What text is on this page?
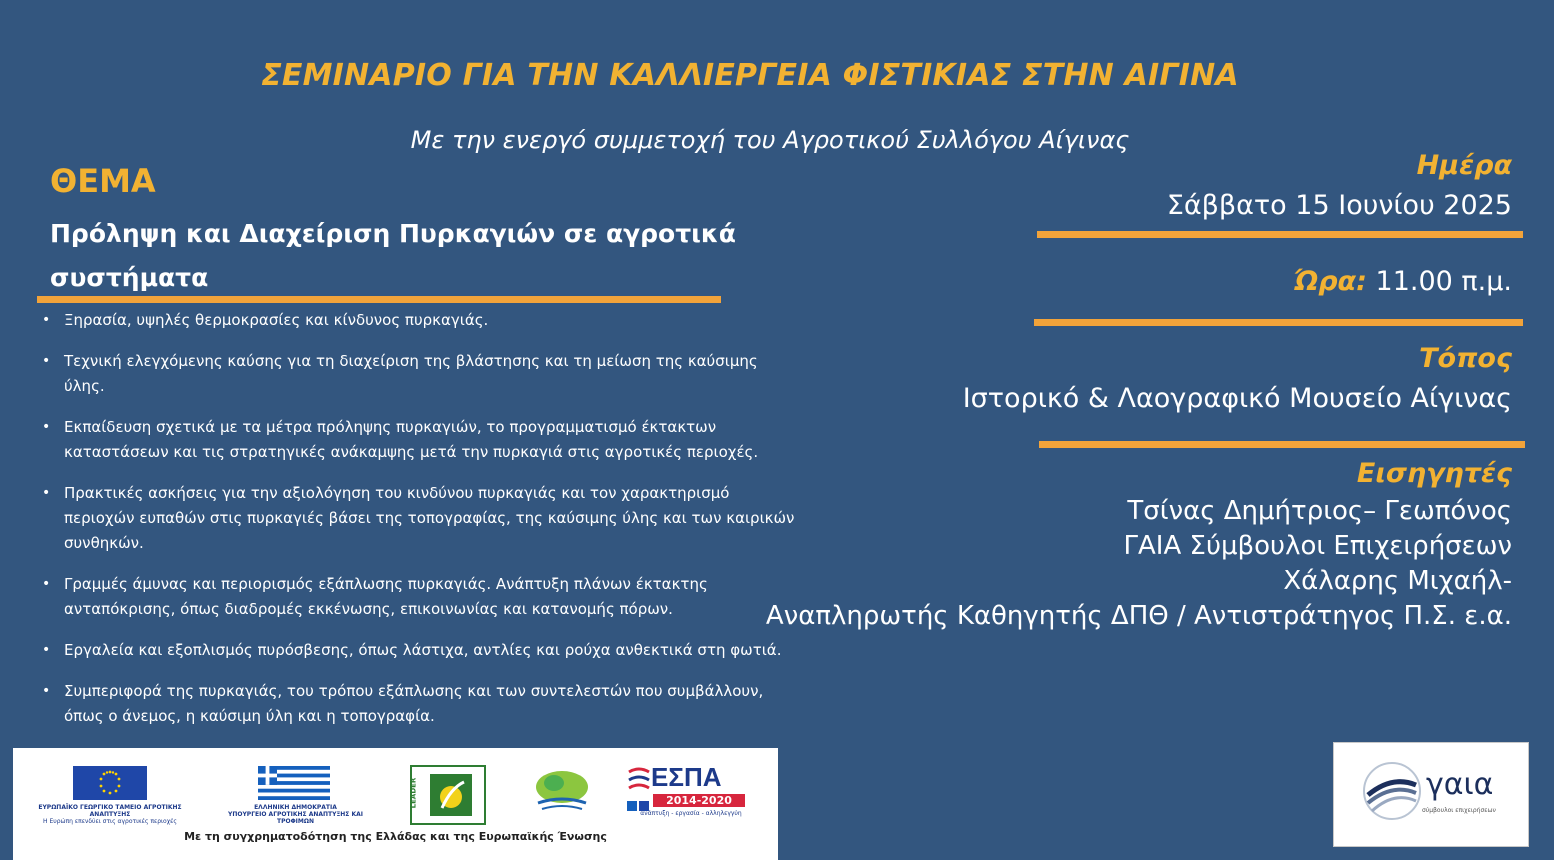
ΣΕΜΙΝΑΡΙΟ ΓΙΑ ΤΗΝ ΚΑΛΛΙΕΡΓΕΙΑ ΦΙΣΤΙΚΙΑΣ ΣΤΗΝ ΑΙΓΙΝΑ
Με την ενεργό συμμετοχή του Αγροτικού Συλλόγου Αίγινας
ΘΕΜΑ
Πρόληψη και Διαχείριση Πυρκαγιών σε αγροτικά συστήματα
• Ξηρασία, υψηλές θερμοκρασίες και κίνδυνος πυρκαγιάς.
• Τεχνική ελεγχόμενης καύσης για τη διαχείριση της βλάστησης και τη μείωση της καύσιμης ύλης.
• Εκπαίδευση σχετικά με τα μέτρα πρόληψης πυρκαγιών, το προγραμματισμό έκτακτων καταστάσεων και τις στρατηγικές ανάκαμψης μετά την πυρκαγιά στις αγροτικές περιοχές.
• Πρακτικές ασκήσεις για την αξιολόγηση του κινδύνου πυρκαγιάς και τον χαρακτηρισμό περιοχών ευπαθών στις πυρκαγιές βάσει της τοπογραφίας, της καύσιμης ύλης και των καιρικών συνθηκών.
• Γραμμές άμυνας και περιορισμός εξάπλωσης πυρκαγιάς. Ανάπτυξη πλάνων έκτακτης ανταπόκρισης, όπως διαδρομές εκκένωσης, επικοινωνίας και κατανομής πόρων.
• Εργαλεία και εξοπλισμός πυρόσβεσης, όπως λάστιχα, αντλίες και ρούχα ανθεκτικά στη φωτιά.
• Συμπεριφορά της πυρκαγιάς, του τρόπου εξάπλωσης και των συντελεστών που συμβάλλουν, όπως ο άνεμος, η καύσιμη ύλη και η τοπογραφία.
Ημέρα
Σάββατο 15 Ιουνίου 2025
Ώρα: 11.00 π.μ.
Τόπος
Ιστορικό & Λαογραφικό Μουσείο Αίγινας
Εισηγητές
Τσίνας Δημήτριος– Γεωπόνος
ΓΑΙΑ Σύμβουλοι Επιχειρήσεων
Χάλαρης Μιχαήλ-
Αναπληρωτής Καθηγητής ΔΠΘ / Αντιστράτηγος Π.Σ. ε.α.
ΕΥΡΩΠΑΪΚΟ ΓΕΩΡΓΙΚΟ ΤΑΜΕΙΟ ΑΓΡΟΤΙΚΗΣ ΑΝΑΠΤΥΞΗΣ
Η Ευρώπη επενδύει στις αγροτικές περιοχές
ΕΛΛΗΝΙΚΗ ΔΗΜΟΚΡΑΤΙΑ
ΥΠΟΥΡΓΕΙΟ ΑΓΡΟΤΙΚΗΣ ΑΝΑΠΤΥΞΗΣ ΚΑΙ ΤΡΟΦΙΜΩΝ
LEADER
ΕΣΠΑ
2014-2020
ανάπτυξη - εργασία - αλληλεγγύη
Με τη συγχρηματοδότηση της Ελλάδας και της Ευρωπαϊκής Ένωσης
γαια
σύμβουλοι επιχειρήσεων
